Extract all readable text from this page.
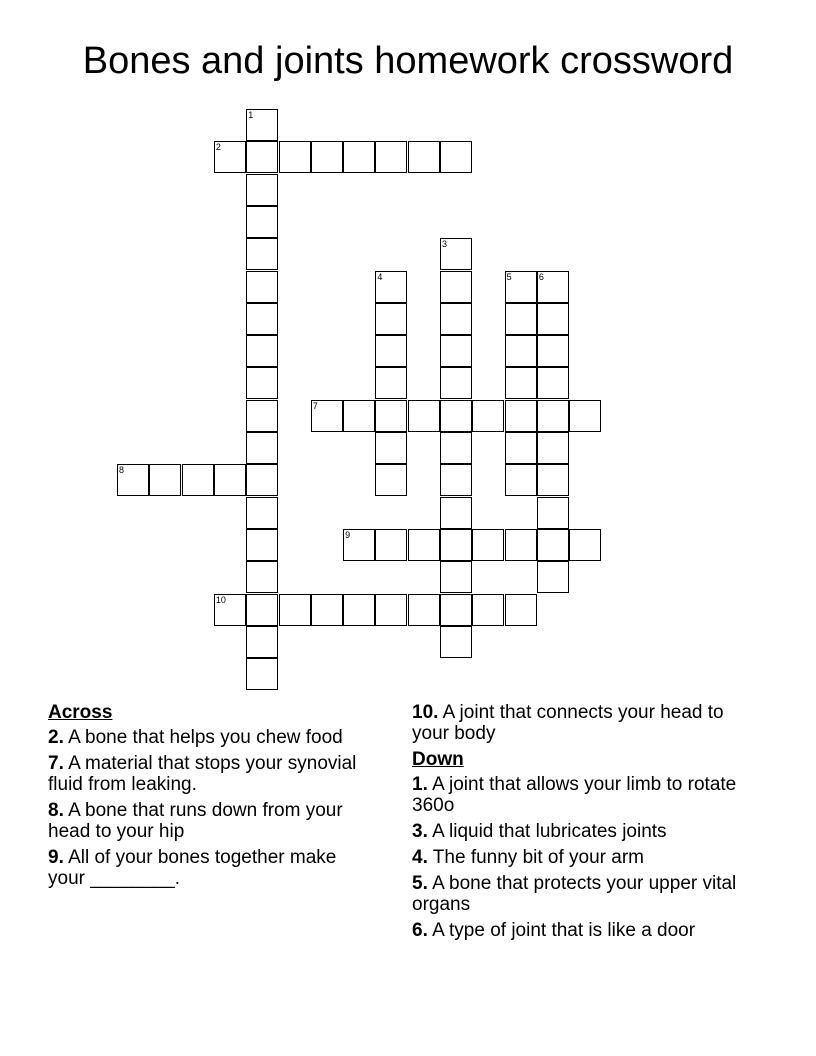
Bones and joints homework crossword
1
2
3
4	5	6
7
8
9
10
Across
2. A bone that helps you chew food
7. A material that stops your synovial fluid from leaking.
8. A bone that runs down from your head to your hip
9. All of your bones together make your ________.
10. A joint that connects your head to your body
Down
1. A joint that allows your limb to rotate 360o
3. A liquid that lubricates joints
4. The funny bit of your arm
5. A bone that protects your upper vital organs
6. A type of joint that is like a door
